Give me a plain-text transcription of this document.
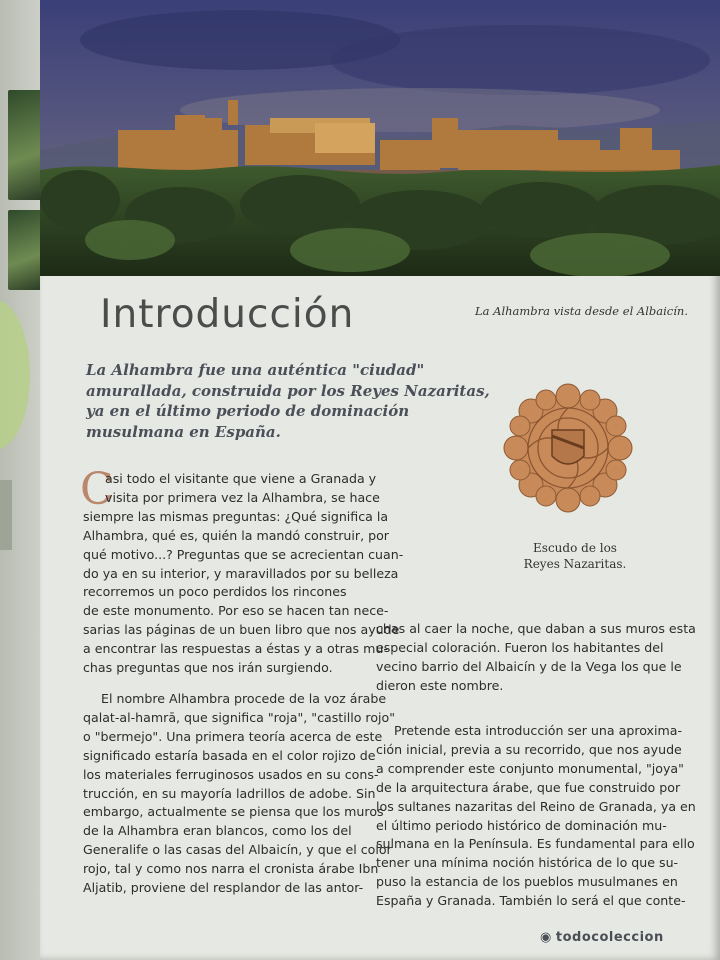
Introducción	La Alhambra vista desde el Albaicín.
La Alhambra fue una auténtica "ciudad"
amurallada, construida por los Reyes Nazaritas,
ya en el último periodo de dominación
musulmana en España.
Escudo de los
Reyes Nazaritas.
C
asi todo el visitante que viene a Granada y
visita por primera vez la Alhambra, se hace
siempre las mismas preguntas: ¿Qué significa la
Alhambra, qué es, quién la mandó construir, por
qué motivo...? Preguntas que se acrecientan cuan-
do ya en su interior, y maravillados por su belleza
recorremos un poco perdidos los rincones
de este monumento. Por eso se hacen tan nece-
sarias las páginas de un buen libro que nos ayude
a encontrar las respuestas a éstas y a otras mu-
chas preguntas que nos irán surgiendo.
El nombre Alhambra procede de la voz árabe
qalat-al-hamrā, que significa "roja", "castillo rojo"
o "bermejo". Una primera teoría acerca de este
significado estaría basada en el color rojizo de
los materiales ferruginosos usados en su cons-
trucción, en su mayoría ladrillos de adobe. Sin
embargo, actualmente se piensa que los muros
de la Alhambra eran blancos, como los del
Generalife o las casas del Albaicín, y que el color
rojo, tal y como nos narra el cronista árabe Ibn
Aljatib, proviene del resplandor de las antor-
chas al caer la noche, que daban a sus muros esta
especial coloración. Fueron los habitantes del
vecino barrio del Albaicín y de la Vega los que le
dieron este nombre.
Pretende esta introducción ser una aproxima-
ción inicial, previa a su recorrido, que nos ayude
a comprender este conjunto monumental, "joya"
de la arquitectura árabe, que fue construido por
los sultanes nazaritas del Reino de Granada, ya en
el último periodo histórico de dominación mu-
sulmana en la Península. Es fundamental para ello
tener una mínima noción histórica de lo que su-
puso la estancia de los pueblos musulmanes en
España y Granada. También lo será el que conte-
◉ todocoleccion
